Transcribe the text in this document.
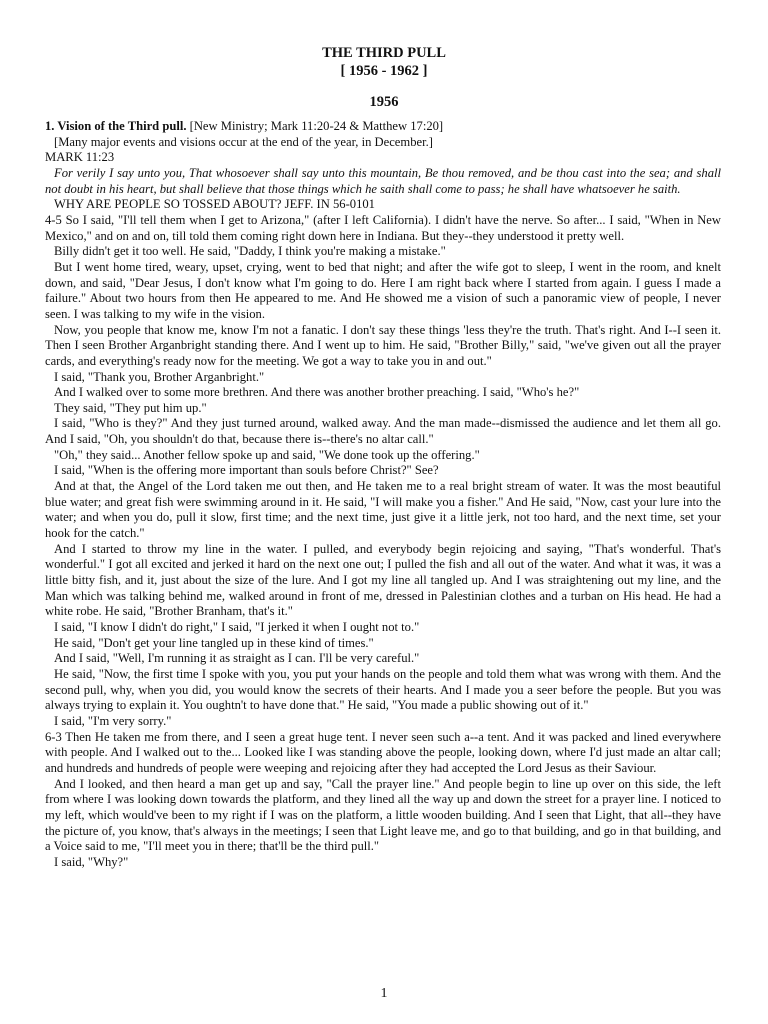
THE THIRD PULL
[ 1956 - 1962 ]
1956

1. Vision of the Third pull. [New Ministry; Mark 11:20-24 & Matthew 17:20]

[Many major events and visions occur at the end of the year, in December.]

MARK 11:23

For verily I say unto you, That whosoever shall say unto this mountain, Be thou removed, and be thou cast into the sea; and shall not doubt in his heart, but shall believe that those things which he saith shall come to pass; he shall have whatsoever he saith.

WHY ARE PEOPLE SO TOSSED ABOUT? JEFF. IN 56-0101

4-5 So I said, "I'll tell them when I get to Arizona," (after I left California). I didn't have the nerve. So after... I said, "When in New Mexico," and on and on, till told them coming right down here in Indiana. But they--they understood it pretty well.

Billy didn't get it too well. He said, "Daddy, I think you're making a mistake."

But I went home tired, weary, upset, crying, went to bed that night; and after the wife got to sleep, I went in the room, and knelt down, and said, "Dear Jesus, I don't know what I'm going to do. Here I am right back where I started from again. I guess I made a failure." About two hours from then He appeared to me. And He showed me a vision of such a panoramic view of people, I never seen. I was talking to my wife in the vision.

Now, you people that know me, know I'm not a fanatic. I don't say these things 'less they're the truth. That's right. And I--I seen it. Then I seen Brother Arganbright standing there. And I went up to him. He said, "Brother Billy," said, "we've given out all the prayer cards, and everything's ready now for the meeting. We got a way to take you in and out."

I said, "Thank you, Brother Arganbright."

And I walked over to some more brethren. And there was another brother preaching. I said, "Who's he?"

They said, "They put him up."

I said, "Who is they?" And they just turned around, walked away. And the man made--dismissed the audience and let them all go. And I said, "Oh, you shouldn't do that, because there is--there's no altar call."

"Oh," they said... Another fellow spoke up and said, "We done took up the offering."

I said, "When is the offering more important than souls before Christ?" See?

And at that, the Angel of the Lord taken me out then, and He taken me to a real bright stream of water. It was the most beautiful blue water; and great fish were swimming around in it. He said, "I will make you a fisher." And He said, "Now, cast your lure into the water; and when you do, pull it slow, first time; and the next time, just give it a little jerk, not too hard, and the next time, set your hook for the catch."

And I started to throw my line in the water. I pulled, and everybody begin rejoicing and saying, "That's wonderful. That's wonderful." I got all excited and jerked it hard on the next one out; I pulled the fish and all out of the water. And what it was, it was a little bitty fish, and it, just about the size of the lure. And I got my line all tangled up. And I was straightening out my line, and the Man which was talking behind me, walked around in front of me, dressed in Palestinian clothes and a turban on His head. He had a white robe. He said, "Brother Branham, that's it."

I said, "I know I didn't do right," I said, "I jerked it when I ought not to."

He said, "Don't get your line tangled up in these kind of times."

And I said, "Well, I'm running it as straight as I can. I'll be very careful."

He said, "Now, the first time I spoke with you, you put your hands on the people and told them what was wrong with them. And the second pull, why, when you did, you would know the secrets of their hearts. And I made you a seer before the people. But you was always trying to explain it. You oughtn't to have done that." He said, "You made a public showing out of it."

I said, "I'm very sorry."

6-3 Then He taken me from there, and I seen a great huge tent. I never seen such a--a tent. And it was packed and lined everywhere with people. And I walked out to the... Looked like I was standing above the people, looking down, where I'd just made an altar call; and hundreds and hundreds of people were weeping and rejoicing after they had accepted the Lord Jesus as their Saviour.

And I looked, and then heard a man get up and say, "Call the prayer line." And people begin to line up over on this side, the left from where I was looking down towards the platform, and they lined all the way up and down the street for a prayer line. I noticed to my left, which would've been to my right if I was on the platform, a little wooden building. And I seen that Light, that all--they have the picture of, you know, that's always in the meetings; I seen that Light leave me, and go to that building, and go in that building, and a Voice said to me, "I'll meet you in there; that'll be the third pull."

I said, "Why?"

1
